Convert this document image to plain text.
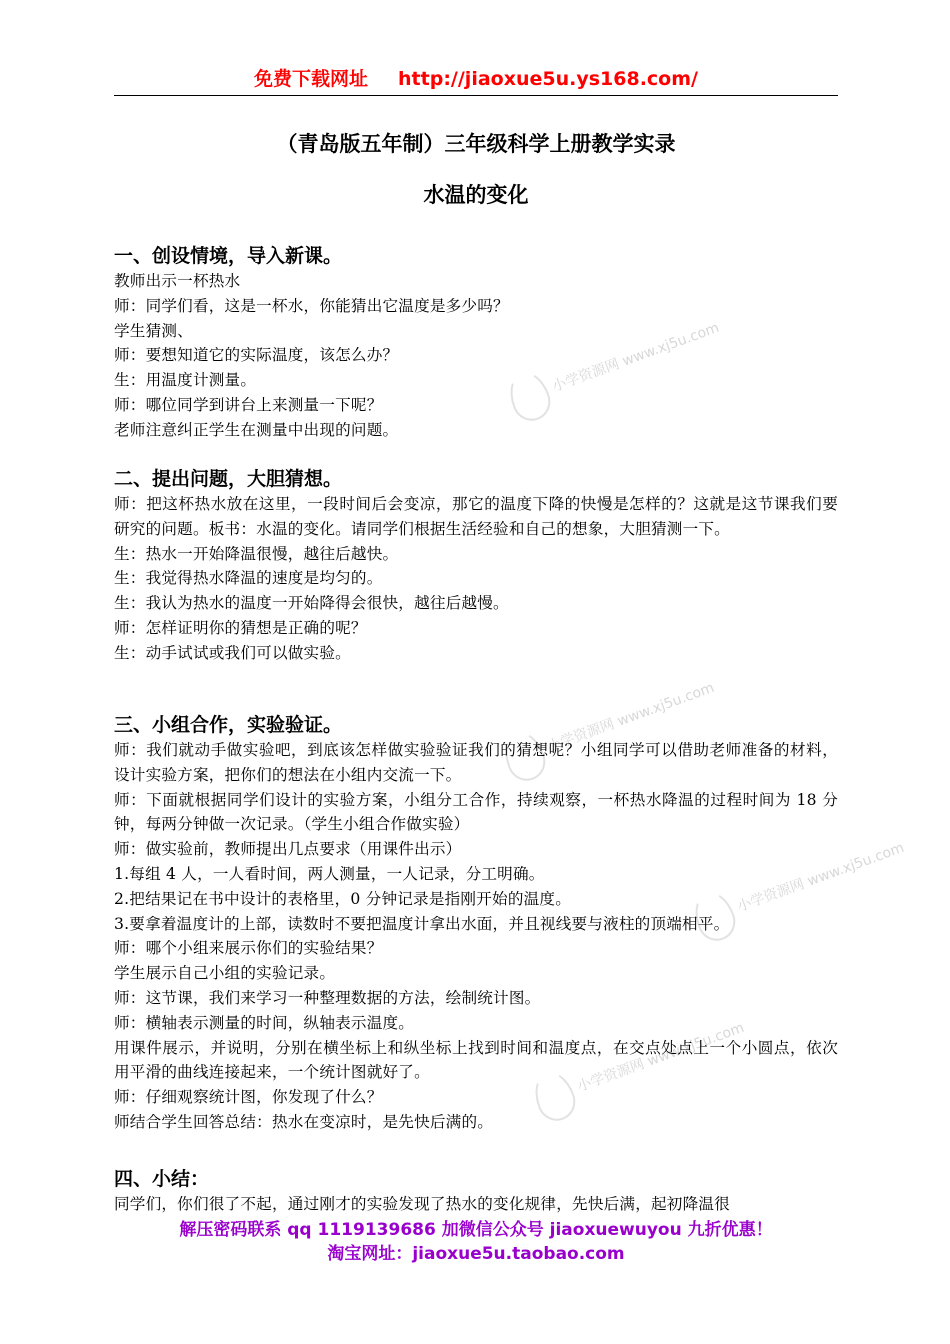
免费下载网址 http://jiaoxue5u.ys168.com/
（青岛版五年制）三年级科学上册教学实录
水温的变化
小学资源网 www.xj5u.com
小学资源网 www.xj5u.com
小学资源网 www.xj5u.com
小学资源网 www.xj5u.com
一、创设情境，导入新课。
教师出示一杯热水
师：同学们看，这是一杯水，你能猜出它温度是多少吗？
学生猜测、
师：要想知道它的实际温度，该怎么办？
生：用温度计测量。
师：哪位同学到讲台上来测量一下呢？
老师注意纠正学生在测量中出现的问题。
二、提出问题，大胆猜想。
师：把这杯热水放在这里，一段时间后会变凉，那它的温度下降的快慢是怎样的？这就是这节课我们要研究的问题。板书：水温的变化。请同学们根据生活经验和自己的想象，大胆猜测一下。
生：热水一开始降温很慢，越往后越快。
生：我觉得热水降温的速度是均匀的。
生：我认为热水的温度一开始降得会很快，越往后越慢。
师：怎样证明你的猜想是正确的呢？
生：动手试试或我们可以做实验。
三、小组合作，实验验证。
师：我们就动手做实验吧，到底该怎样做实验验证我们的猜想呢？小组同学可以借助老师准备的材料，设计实验方案，把你们的想法在小组内交流一下。
师：下面就根据同学们设计的实验方案，小组分工合作，持续观察，一杯热水降温的过程时间为 18 分钟，每两分钟做一次记录。（学生小组合作做实验）
师：做实验前，教师提出几点要求（用课件出示）
1.每组 4 人，一人看时间，两人测量，一人记录，分工明确。
2.把结果记在书中设计的表格里，0 分钟记录是指刚开始的温度。
3.要拿着温度计的上部，读数时不要把温度计拿出水面，并且视线要与液柱的顶端相平。
师：哪个小组来展示你们的实验结果？
学生展示自己小组的实验记录。
师：这节课，我们来学习一种整理数据的方法，绘制统计图。
师：横轴表示测量的时间，纵轴表示温度。
用课件展示，并说明，分别在横坐标上和纵坐标上找到时间和温度点，在交点处点上一个小圆点，依次用平滑的曲线连接起来，一个统计图就好了。
师：仔细观察统计图，你发现了什么？
师结合学生回答总结：热水在变凉时，是先快后满的。
四、小结：
同学们，你们很了不起，通过刚才的实验发现了热水的变化规律，先快后满，起初降温很
解压密码联系 qq 1119139686 加微信公众号 jiaoxuewuyou 九折优惠！
淘宝网址：jiaoxue5u.taobao.com
